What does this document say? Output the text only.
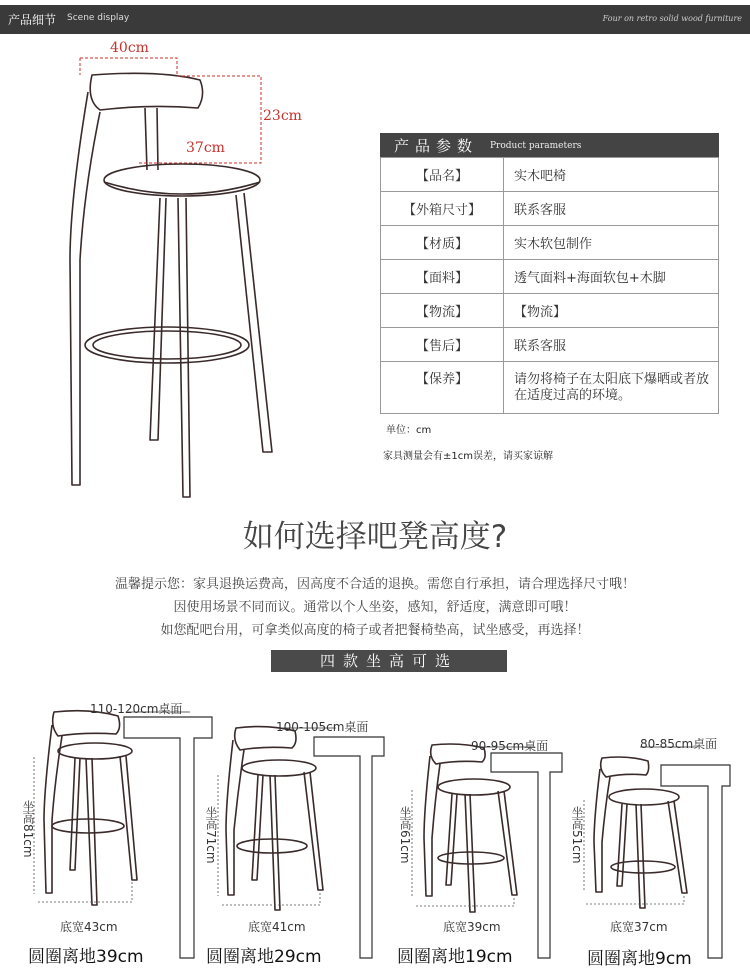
产品细节 Scene display	Four on retro solid wood furniture
40cm
37cm
23cm
产品参数 Product parameters
【品名】	实木吧椅
【外箱尺寸】	联系客服
【材质】	实木软包制作
【面料】	透气面料+海面软包+木脚
【物流】	【物流】
【售后】	联系客服
【保养】	请勿将椅子在太阳底下爆晒或者放在适度过高的环境。
单位：cm
家具测量会有±1cm误差，请买家谅解
如何选择吧凳高度?
温馨提示您：家具退换运费高，因高度不合适的退换。需您自行承担，请合理选择尺寸哦！
因使用场景不同而议。通常以个人坐姿，感知，舒适度，满意即可哦！
如您配吧台用，可拿类似高度的椅子或者把餐椅垫高，试坐感受，再选择！
四款坐高可选
110-120cm桌面
坐高81cm
底宽43cm
圆圈离地39cm
100-105cm桌面
坐高71cm
底宽41cm
圆圈离地29cm
90-95cm桌面
坐高61cm
底宽39cm
圆圈离地19cm
80-85cm桌面
坐高51cm
底宽37cm
圆圈离地9cm
